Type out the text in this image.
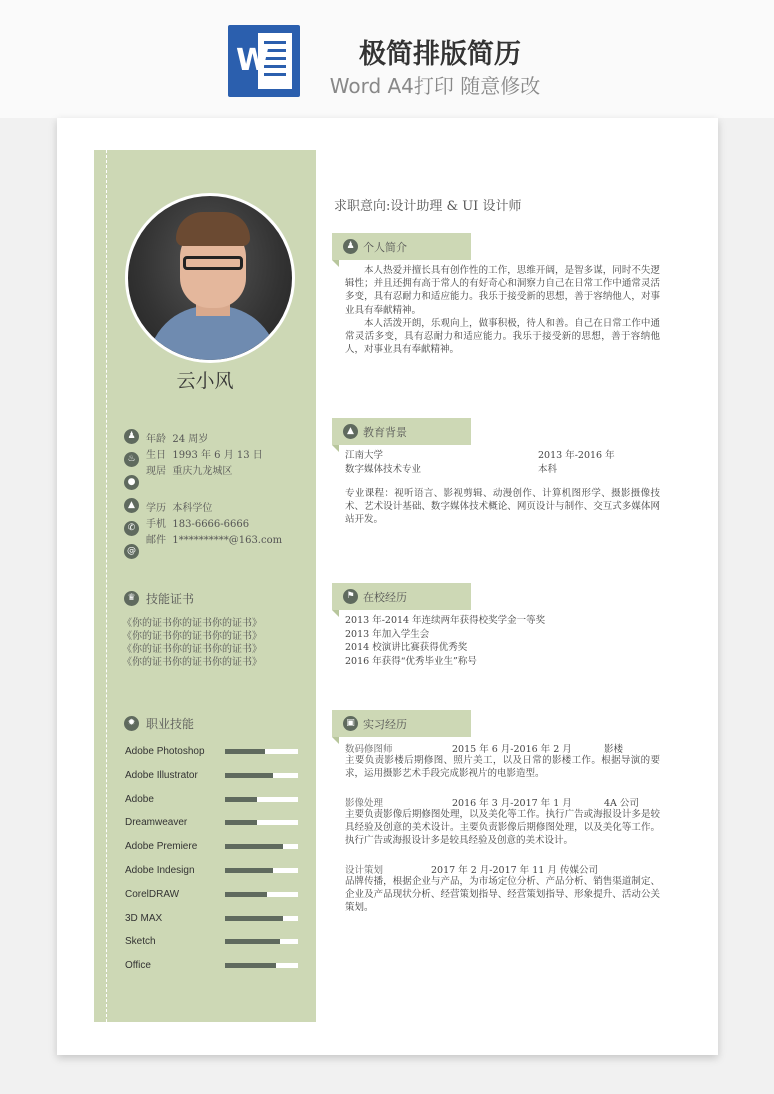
W	极简排版简历
Word A4打印 随意修改
云小风
♟	年龄 24 周岁
♨	生日 1993 年 6 月 13 日
现居 重庆九龙城区
●
▲	学历 本科学位
✆	手机 183-6666-6666
邮件 1**********@163.com
@
♛ 技能证书
《你的证书你的证书你的证书》
《你的证书你的证书你的证书》
《你的证书你的证书你的证书》
《你的证书你的证书你的证书》
✹ 职业技能
Adobe Photoshop
Adobe Illustrator
Adobe
Dreamweaver
Adobe Premiere
Adobe Indesign
CorelDRAW
3D MAX
Sketch
Office
求职意向:设计助理 & UI 设计师
♟ 个人简介
本人热爱并擅长具有创作性的工作，思维开阔，是智多谋，同时不失逻辑性；并且还拥有高于常人的有好奇心和洞察力自己在日常工作中通常灵活多变，具有忍耐力和适应能力。我乐于接受新的思想，善于容纳他人，对事业具有奉献精神。
本人活泼开朗，乐观向上，做事积极，待人和善。自己在日常工作中通常灵活多变，具有忍耐力和适应能力。我乐于接受新的思想，善于容纳他人，对事业具有奉献精神。
▲ 教育背景
江南大学	2013 年-2016 年
数字媒体技术专业	本科
专业课程：视听语言、影视剪辑、动漫创作、计算机图形学、摄影摄像技术、艺术设计基础、数字媒体技术概论、网页设计与制作、交互式多媒体网站开发。
⚑ 在校经历
2013 年-2014 年连续两年获得校奖学金一等奖
2013 年加入学生会
2014 校演讲比赛获得优秀奖
2016 年获得“优秀毕业生”称号
▣ 实习经历
数码修图师	2015 年 6 月-2016 年 2 月	影楼
主要负责影楼后期修图、照片美工，以及日常的影楼工作。根据导演的要求，运用摄影艺术手段完成影视片的电影造型。
影像处理	2016 年 3 月-2017 年 1 月	4A 公司
主要负责影像后期修图处理，以及美化等工作。执行广告或海报设计多是较具经验及创意的美术设计。主要负责影像后期修图处理，以及美化等工作。执行广告或海报设计多是较具经验及创意的美术设计。
设计策划	2017 年 2 月-2017 年 11 月 传媒公司
品牌传播，根据企业与产品，为市场定位分析、产品分析、销售渠道制定、企业及产品现状分析、经营策划指导、经营策划指导、形象提升、活动公关策划。
